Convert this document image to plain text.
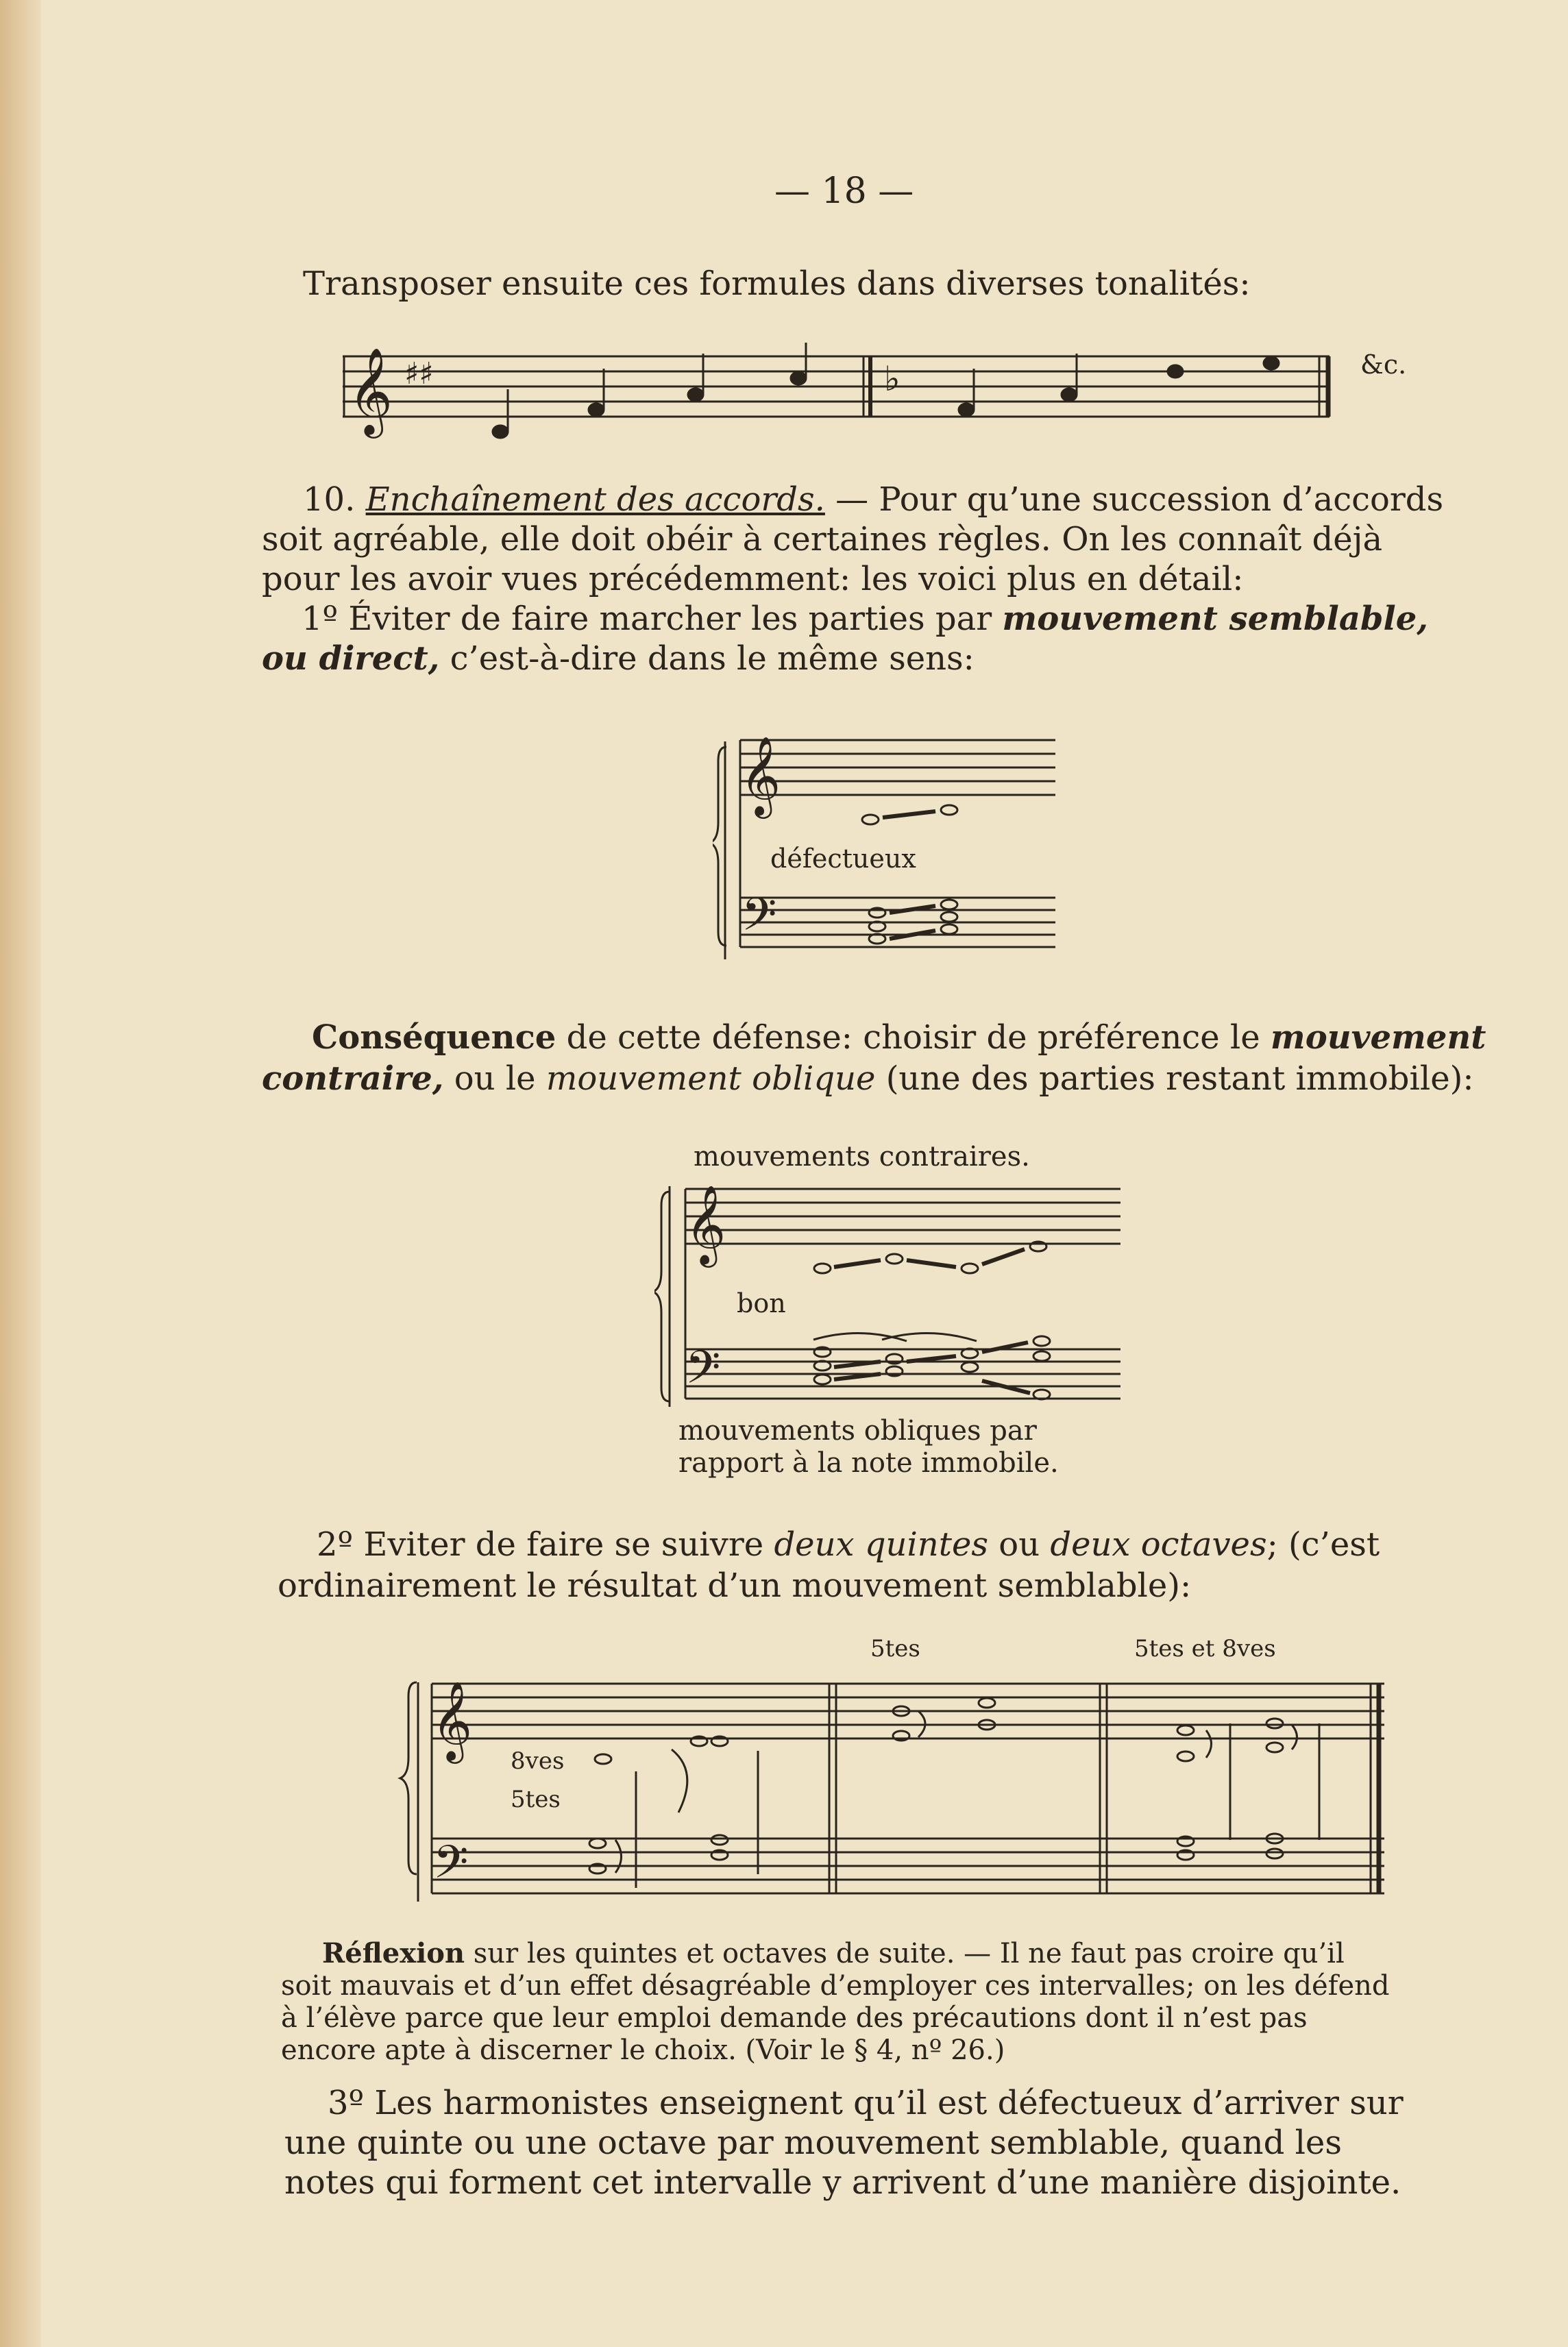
— 18 —
Transposer ensuite ces formules dans diverses tonalités:
𝄞 ♯♯	♭	&c.
10. Enchaînement des accords. — Pour qu’une succession d’accords
soit agréable, elle doit obéir à certaines règles. On les connaît déjà
pour les avoir vues précédemment: les voici plus en détail:
1º Éviter de faire marcher les parties par mouvement semblable,
ou direct, c’est-à-dire dans le même sens:
𝄞
𝄢
défectueux
Conséquence de cette défense: choisir de préférence le mouvement
contraire, ou le mouvement oblique (une des parties restant immobile):
mouvements contraires.
𝄞
𝄢
bon
mouvements obliques par
rapport à la note immobile.
2º Eviter de faire se suivre deux quintes ou deux octaves; (c’est
ordinairement le résultat d’un mouvement semblable):
𝄞
𝄢
5tes	5tes et 8ves
8ves
5tes
Réflexion sur les quintes et octaves de suite. — Il ne faut pas croire qu’il
soit mauvais et d’un effet désagréable d’employer ces intervalles; on les défend
à l’élève parce que leur emploi demande des précautions dont il n’est pas
encore apte à discerner le choix. (Voir le § 4, nº 26.)
3º Les harmonistes enseignent qu’il est défectueux d’arriver sur
une quinte ou une octave par mouvement semblable, quand les
notes qui forment cet intervalle y arrivent d’une manière disjointe.
